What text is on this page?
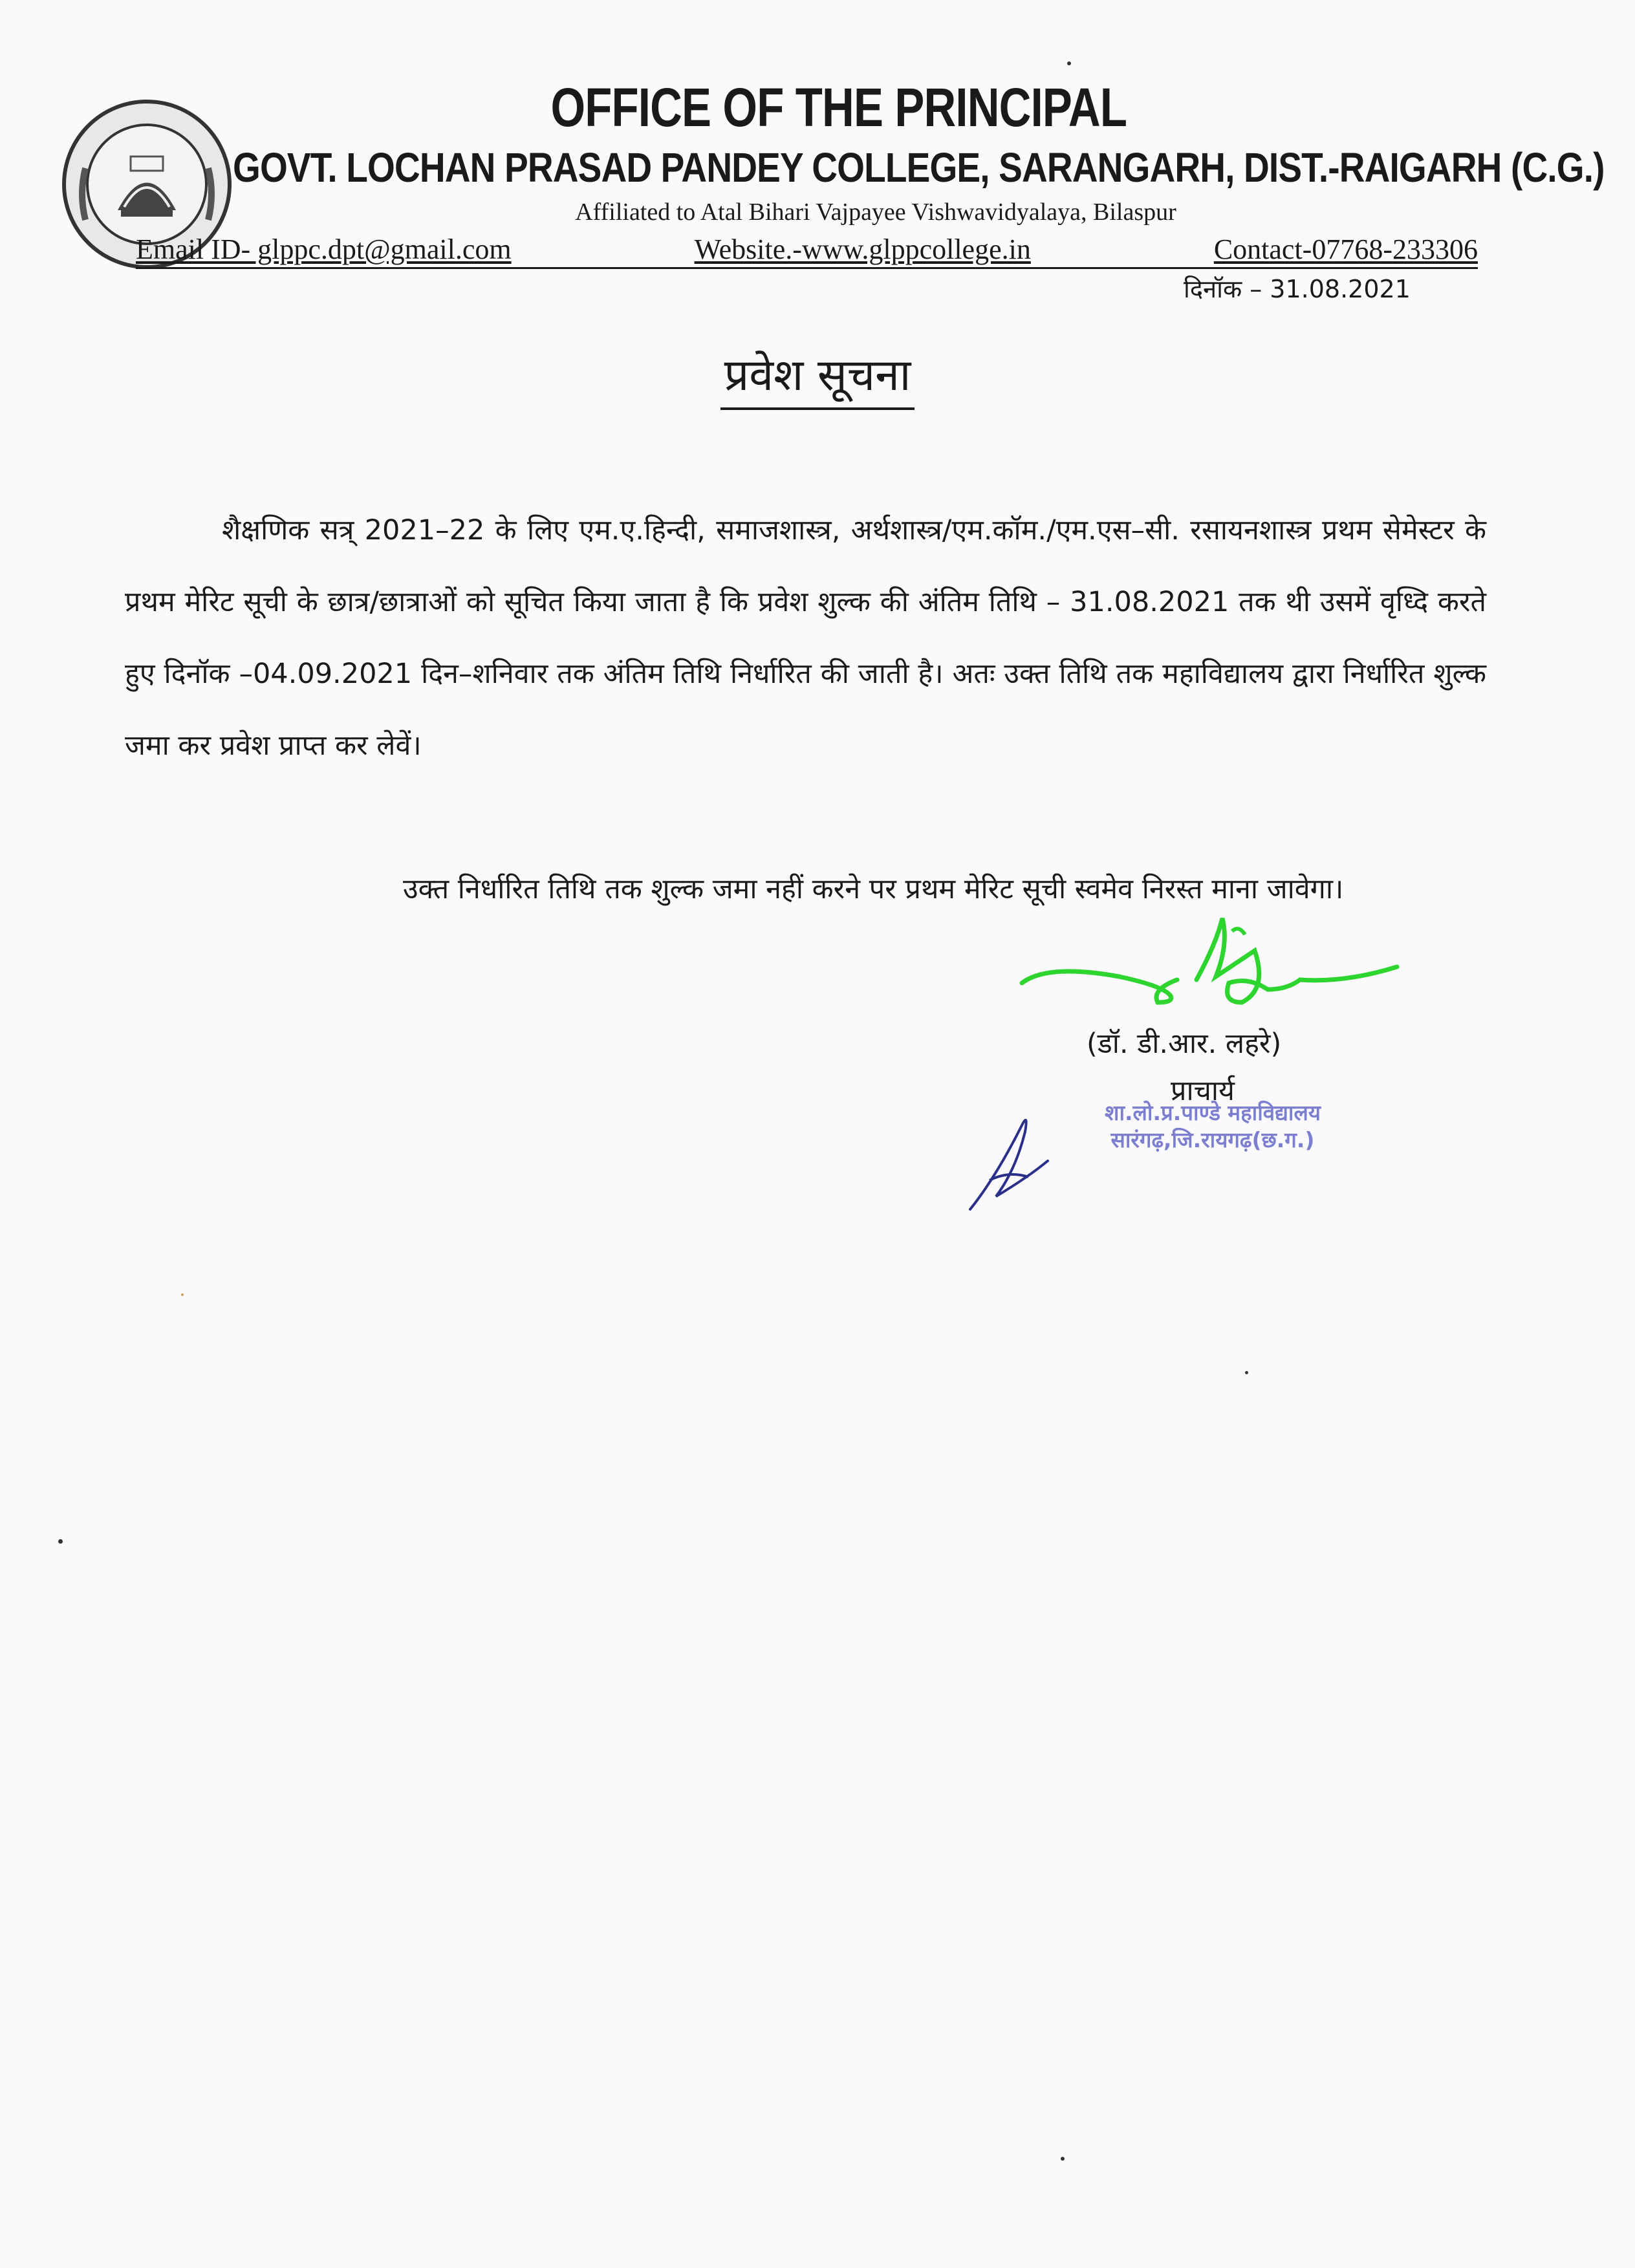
OFFICE OF THE PRINCIPAL
GOVT. LOCHAN PRASAD PANDEY COLLEGE, SARANGARH, DIST.-RAIGARH (C.G.)
Affiliated to Atal Bihari Vajpayee Vishwavidyalaya, Bilaspur
Email ID- glppc.dpt@gmail.com	Website.-www.glppcollege.in	Contact-07768-233306
दिनॉक – 31.08.2021
प्रवेश सूचना

शैक्षणिक सत्र् 2021–22 के लिए एम.ए.हिन्दी, समाजशास्त्र, अर्थशास्त्र/एम.कॉम./एम.एस–सी. रसायनशास्त्र प्रथम सेमेस्टर के प्रथम मेरिट सूची के छात्र/छात्राओं को सूचित किया जाता है कि प्रवेश शुल्क की अंतिम तिथि – 31.08.2021 तक थी उसमें वृध्दि करते हुए दिनॉक –04.09.2021 दिन–शनिवार तक अंतिम तिथि निर्धारित की जाती है। अतः उक्त तिथि तक महाविद्यालय द्वारा निर्धारित शुल्क जमा कर प्रवेश प्राप्त कर लेवें।

उक्त निर्धारित तिथि तक शुल्क जमा नहीं करने पर प्रथम मेरिट सूची स्वमेव निरस्त माना जावेगा।

(डॉ. डी.आर. लहरे)
प्राचार्य
शा.लो.प्र.पाण्डे महाविद्यालय
सारंगढ़,जि.रायगढ़(छ.ग.)
